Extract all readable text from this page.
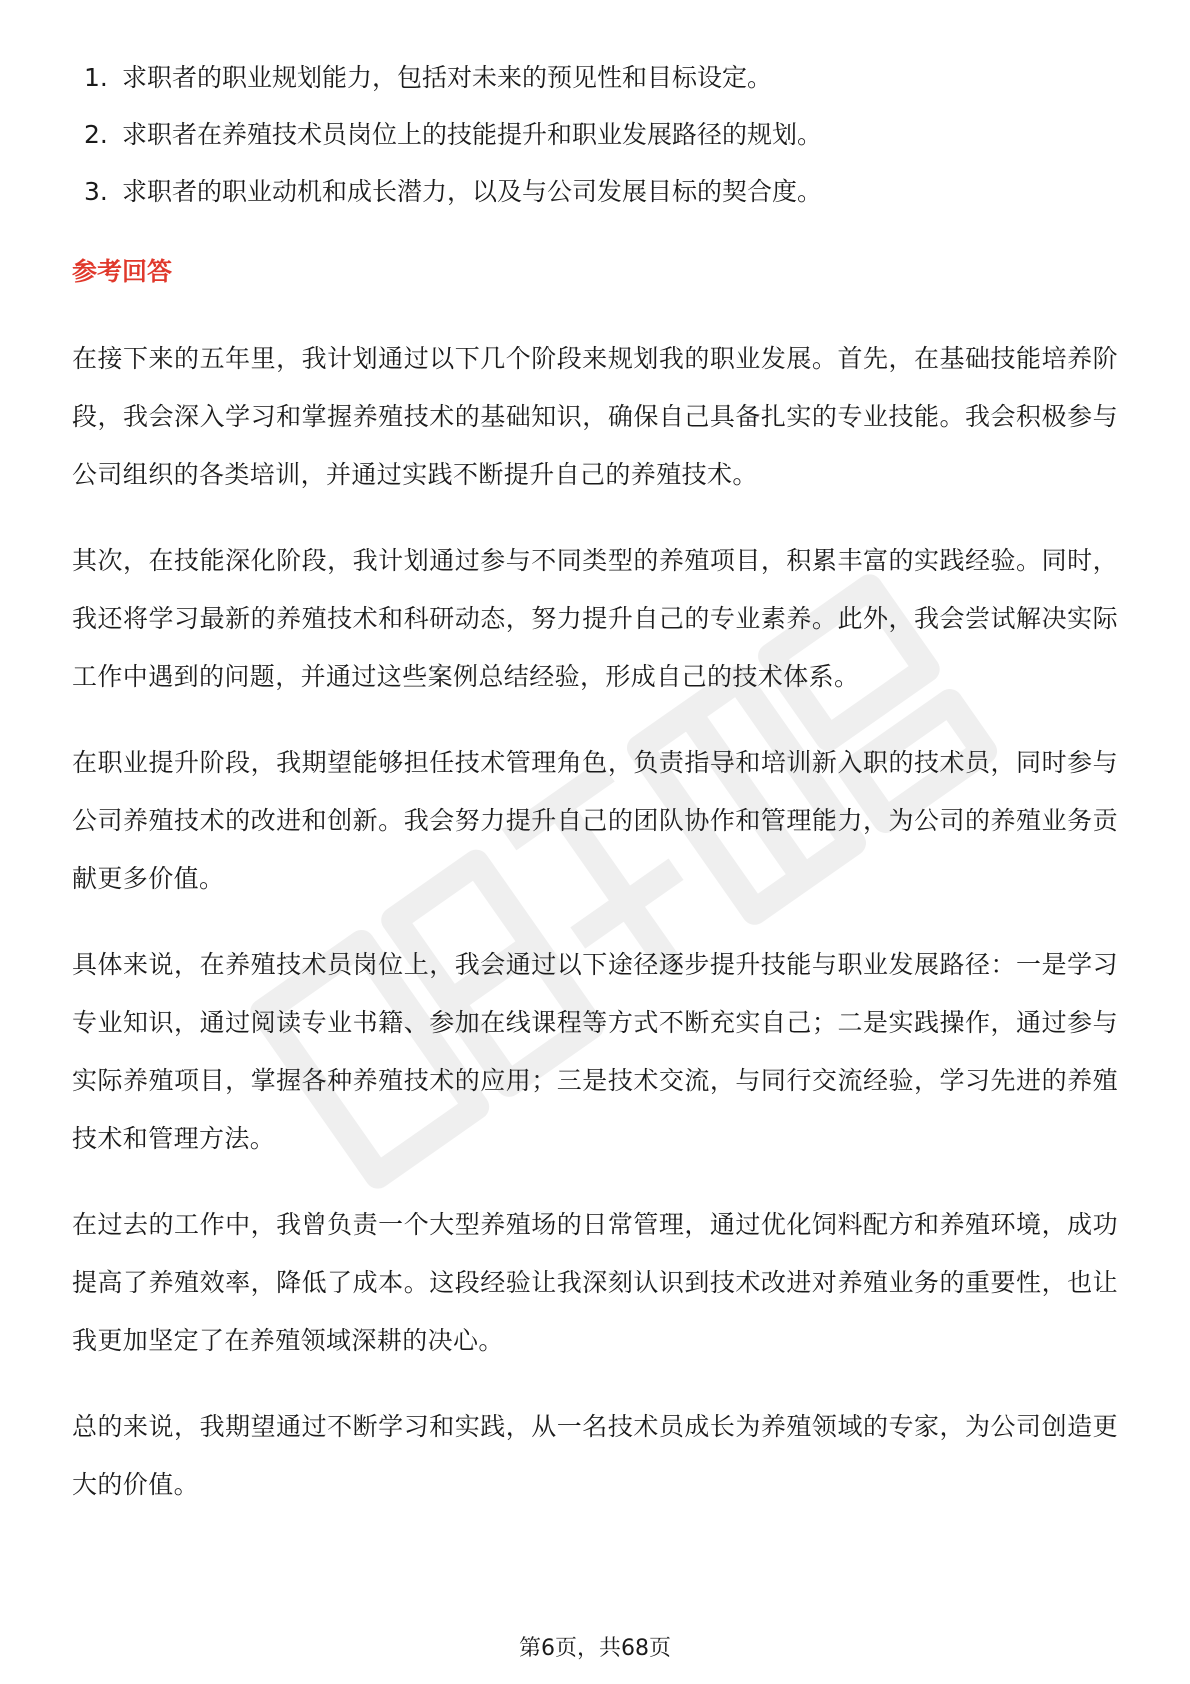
1. 求职者的职业规划能力，包括对未来的预见性和目标设定。
2. 求职者在养殖技术员岗位上的技能提升和职业发展路径的规划。
3. 求职者的职业动机和成长潜力，以及与公司发展目标的契合度。
参考回答

在接下来的五年里，我计划通过以下几个阶段来规划我的职业发展。首先，在基础技能培养阶段，我会深入学习和掌握养殖技术的基础知识，确保自己具备扎实的专业技能。我会积极参与公司组织的各类培训，并通过实践不断提升自己的养殖技术。

其次，在技能深化阶段，我计划通过参与不同类型的养殖项目，积累丰富的实践经验。同时，我还将学习最新的养殖技术和科研动态，努力提升自己的专业素养。此外，我会尝试解决实际工作中遇到的问题，并通过这些案例总结经验，形成自己的技术体系。

在职业提升阶段，我期望能够担任技术管理角色，负责指导和培训新入职的技术员，同时参与公司养殖技术的改进和创新。我会努力提升自己的团队协作和管理能力，为公司的养殖业务贡献更多价值。

具体来说，在养殖技术员岗位上，我会通过以下途径逐步提升技能与职业发展路径：一是学习专业知识，通过阅读专业书籍、参加在线课程等方式不断充实自己；二是实践操作，通过参与实际养殖项目，掌握各种养殖技术的应用；三是技术交流，与同行交流经验，学习先进的养殖技术和管理方法。

在过去的工作中，我曾负责一个大型养殖场的日常管理，通过优化饲料配方和养殖环境，成功提高了养殖效率，降低了成本。这段经验让我深刻认识到技术改进对养殖业务的重要性，也让我更加坚定了在养殖领域深耕的决心。

总的来说，我期望通过不断学习和实践，从一名技术员成长为养殖领域的专家，为公司创造更大的价值。

第6页，共68页
